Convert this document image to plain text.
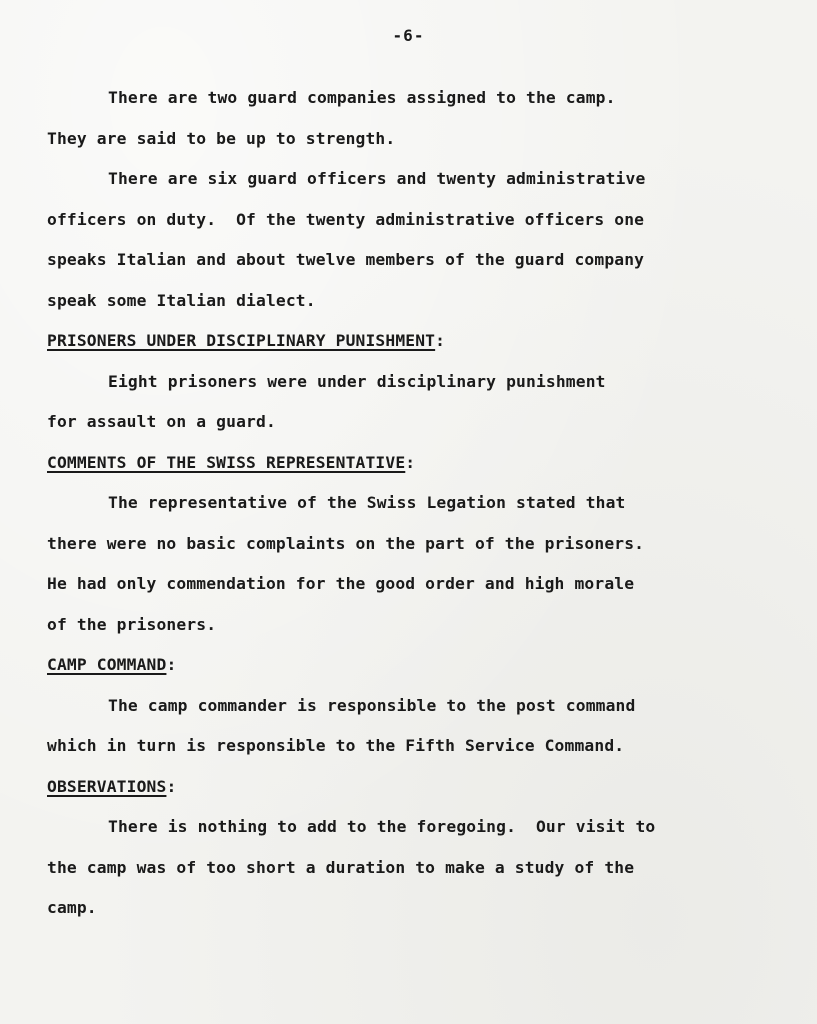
-6-
There are two guard companies assigned to the camp.
They are said to be up to strength.
There are six guard officers and twenty administrative
officers on duty.  Of the twenty administrative officers one
speaks Italian and about twelve members of the guard company
speak some Italian dialect.
PRISONERS UNDER DISCIPLINARY PUNISHMENT:
Eight prisoners were under disciplinary punishment
for assault on a guard.
COMMENTS OF THE SWISS REPRESENTATIVE:
The representative of the Swiss Legation stated that
there were no basic complaints on the part of the prisoners.
He had only commendation for the good order and high morale
of the prisoners.
CAMP COMMAND:
The camp commander is responsible to the post command
which in turn is responsible to the Fifth Service Command.
OBSERVATIONS:
There is nothing to add to the foregoing.  Our visit to
the camp was of too short a duration to make a study of the
camp.
